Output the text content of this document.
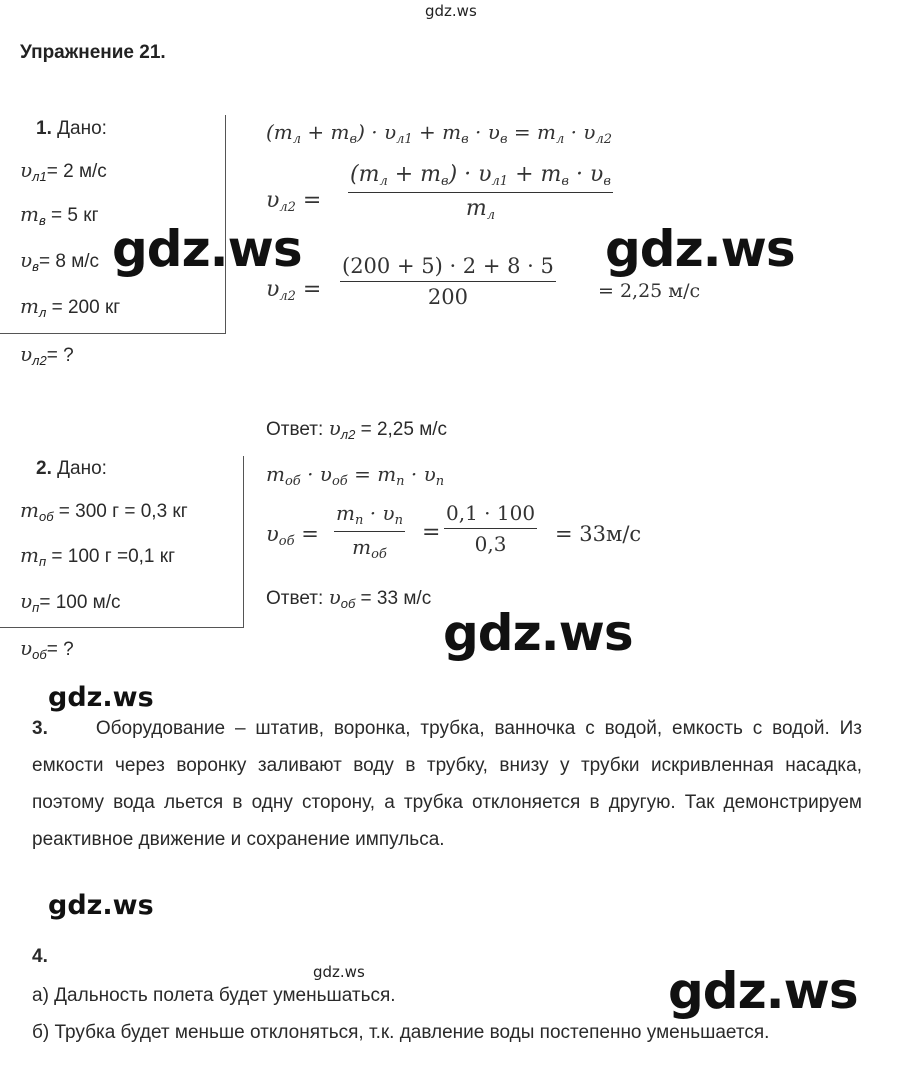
gdz.ws
Упражнение 21.
1. Дано:
$\upsilon_{л1}= 2$ м/с
$m_в = 5$ кг
$\upsilon_в= 8$ м/с
$m_л = 200$ кг
$\upsilon_{л2}=$ ?
$(m_л + m_в) \cdot \upsilon_{л1} + m_в \cdot \upsilon_в = m_л \cdot \upsilon_{л2}$
$\upsilon_{л2}$ =
$(m_л + m_в) \cdot \upsilon_{л1} + m_в \cdot \upsilon_в$
$m_л$
$\upsilon_{л2}$ =
(200 + 5) · 2 + 8 · 5
200	= 2,25 м/с
Ответ: $\upsilon_{л2} = 2,25$ м/с
2. Дано:
$m_{об} = 300$ г = 0,3 кг
$m_п = 100$ г =0,1 кг
$\upsilon_п= 100$ м/с
$\upsilon_{об}=$ ?
$m_{об} \cdot \upsilon_{об} = m_п \cdot \upsilon_п$
$\upsilon_{об}$ =
$m_п \cdot \upsilon_п$
$m_{об}$
=
0,1 · 100
0,3 = 33м/с
Ответ: $\upsilon_{об} = 33$ м/с
3.	Оборудование – штатив, воронка, трубка, ванночка с водой, емкость с водой. Из емкости через воронку заливают воду в трубку, внизу у трубки искривленная насадка, поэтому вода льется в одну сторону, а трубка отклоняется в другую. Так демонстрируем реактивное движение и сохранение импульса.
4.
а) Дальность полета будет уменьшаться.
б) Трубка будет меньше отклоняться, т.к. давление воды постепенно уменьшается.
gdz.ws	gdz.ws
gdz.ws
gdz.ws
gdz.ws
gdz.ws	gdz.ws
